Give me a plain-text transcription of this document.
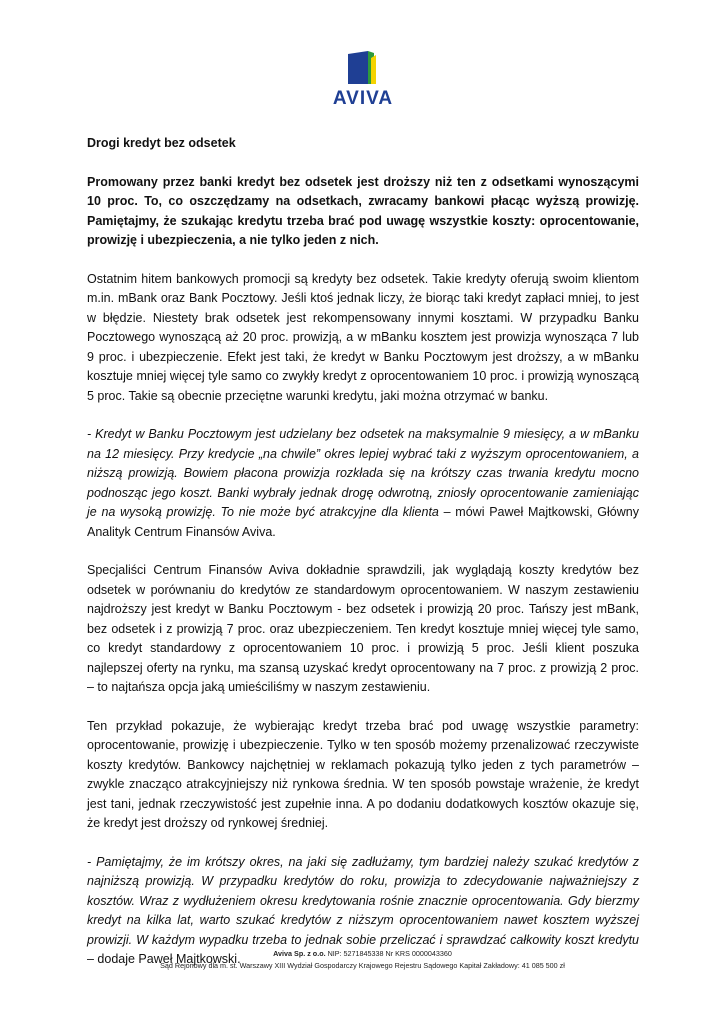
AVIVA
Drogi kredyt bez odsetek
Promowany przez banki kredyt bez odsetek jest droższy niż ten z odsetkami wynoszącymi 10 proc. To, co oszczędzamy na odsetkach, zwracamy bankowi płacąc wyższą prowizję. Pamiętajmy, że szukając kredytu trzeba brać pod uwagę wszystkie koszty: oprocentowanie, prowizję i ubezpieczenia, a nie tylko jeden z nich.

Ostatnim hitem bankowych promocji są kredyty bez odsetek. Takie kredyty oferują swoim klientom m.in. mBank oraz Bank Pocztowy. Jeśli ktoś jednak liczy, że biorąc taki kredyt zapłaci mniej, to jest w błędzie. Niestety brak odsetek jest rekompensowany innymi kosztami. W przypadku Banku Pocztowego wynoszącą aż 20 proc. prowizją, a w mBanku kosztem jest prowizja wynosząca 7 lub 9 proc. i ubezpieczenie. Efekt jest taki, że kredyt w Banku Pocztowym jest droższy, a w mBanku kosztuje mniej więcej tyle samo co zwykły kredyt z oprocentowaniem 10 proc. i prowizją wynoszącą 5 proc. Takie są obecnie przeciętne warunki kredytu, jaki można otrzymać w banku.

- Kredyt w Banku Pocztowym jest udzielany bez odsetek na maksymalnie 9 miesięcy, a w mBanku na 12 miesięcy. Przy kredycie „na chwile” okres lepiej wybrać taki z wyższym oprocentowaniem, a niższą prowizją. Bowiem płacona prowizja rozkłada się na krótszy czas trwania kredytu mocno podnosząc jego koszt. Banki wybrały jednak drogę odwrotną, zniosły oprocentowanie zamieniając je na wysoką prowizję. To nie może być atrakcyjne dla klienta – mówi Paweł Majtkowski, Główny Analityk Centrum Finansów Aviva.

Specjaliści Centrum Finansów Aviva dokładnie sprawdzili, jak wyglądają koszty kredytów bez odsetek w porównaniu do kredytów ze standardowym oprocentowaniem. W naszym zestawieniu najdroższy jest kredyt w Banku Pocztowym - bez odsetek i prowizją 20 proc. Tańszy jest mBank, bez odsetek i z prowizją 7 proc. oraz ubezpieczeniem. Ten kredyt kosztuje mniej więcej tyle samo, co kredyt standardowy z oprocentowaniem 10 proc. i prowizją 5 proc. Jeśli klient poszuka najlepszej oferty na rynku, ma szansą uzyskać kredyt oprocentowany na 7 proc. z prowizją 2 proc. – to najtańsza opcja jaką umieściliśmy w naszym zestawieniu.

Ten przykład pokazuje, że wybierając kredyt trzeba brać pod uwagę wszystkie parametry: oprocentowanie, prowizję i ubezpieczenie. Tylko w ten sposób możemy przenalizować rzeczywiste koszty kredytów. Bankowcy najchętniej w reklamach pokazują tylko jeden z tych parametrów – zwykle znacząco atrakcyjniejszy niż rynkowa średnia. W ten sposób powstaje wrażenie, że kredyt jest tani, jednak rzeczywistość jest zupełnie inna. A po dodaniu dodatkowych kosztów okazuje się, że kredyt jest droższy od rynkowej średniej.

- Pamiętajmy, że im krótszy okres, na jaki się zadłużamy, tym bardziej należy szukać kredytów z najniższą prowizją. W przypadku kredytów do roku, prowizja to zdecydowanie najważniejszy z kosztów. Wraz z wydłużeniem okresu kredytowania rośnie znacznie oprocentowania. Gdy bierzmy kredyt na kilka lat, warto szukać kredytów z niższym oprocentowaniem nawet kosztem wyższej prowizji. W każdym wypadku trzeba to jednak sobie przeliczać i sprawdzać całkowity koszt kredytu – dodaje Paweł Majtkowski.	Aviva Sp. z o.o. NIP: 5271845338 Nr KRS 0000043360
Sąd Rejonowy dla m. st. Warszawy XIII Wydział Gospodarczy Krajowego Rejestru Sądowego Kapitał Zakładowy: 41 085 500 zł
